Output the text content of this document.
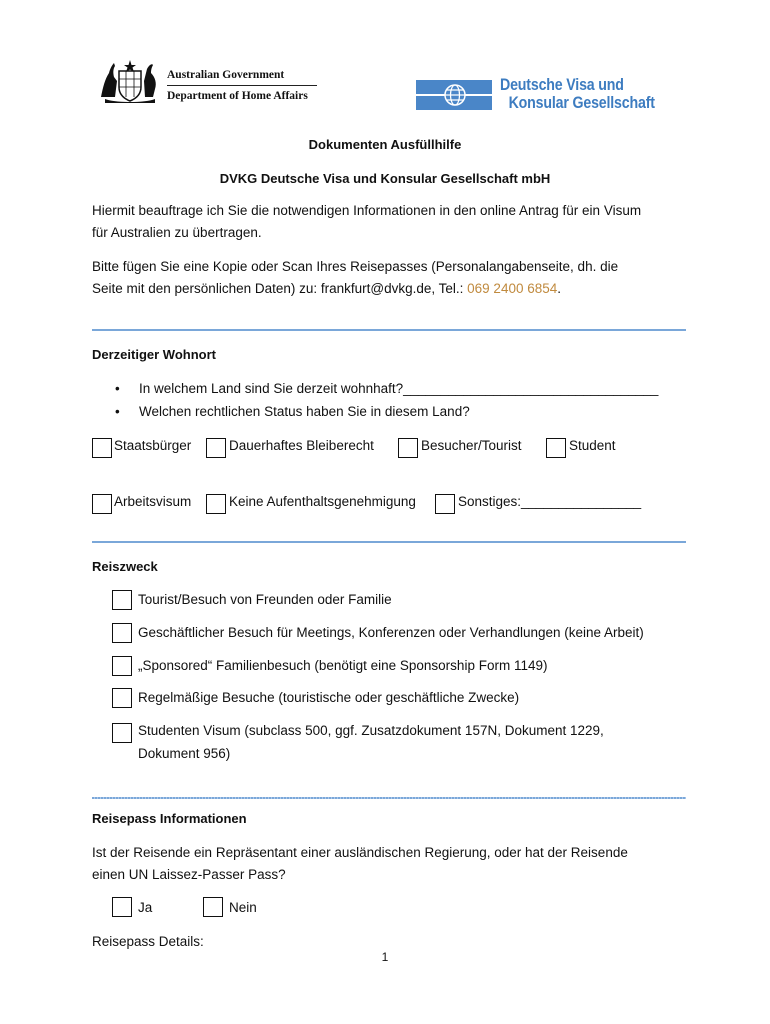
Australian Government
Department of Home Affairs
Deutsche Visa und
Konsular Gesellschaft
Dokumenten Ausfüllhilfe
DVKG Deutsche Visa und Konsular Gesellschaft mbH
Hiermit beauftrage ich Sie die notwendigen Informationen in den online Antrag für ein Visum
für Australien zu übertragen.
Bitte fügen Sie eine Kopie oder Scan Ihres Reisepasses (Personalangabenseite, dh. die
Seite mit den persönlichen Daten) zu: frankfurt@dvkg.de, Tel.: 069 2400 6854.
Derzeitiger Wohnort
• In welchem Land sind Sie derzeit wohnhaft?__________________________________
• Welchen rechtlichen Status haben Sie in diesem Land?
Staatsbürger	Dauerhaftes Bleiberecht	Besucher/Tourist	Student
Arbeitsvisum	Keine Aufenthaltsgenehmigung	Sonstiges:________________
Reiszweck
Tourist/Besuch von Freunden oder Familie
Geschäftlicher Besuch für Meetings, Konferenzen oder Verhandlungen (keine Arbeit)
„Sponsored“ Familienbesuch (benötigt eine Sponsorship Form 1149)
Regelmäßige Besuche (touristische oder geschäftliche Zwecke)
Studenten Visum (subclass 500, ggf. Zusatzdokument 157N, Dokument 1229,
Dokument 956)
Reisepass Informationen
Ist der Reisende ein Repräsentant einer ausländischen Regierung, oder hat der Reisende
einen UN Laissez-Passer Pass?
Ja	Nein
Reisepass Details:
1
